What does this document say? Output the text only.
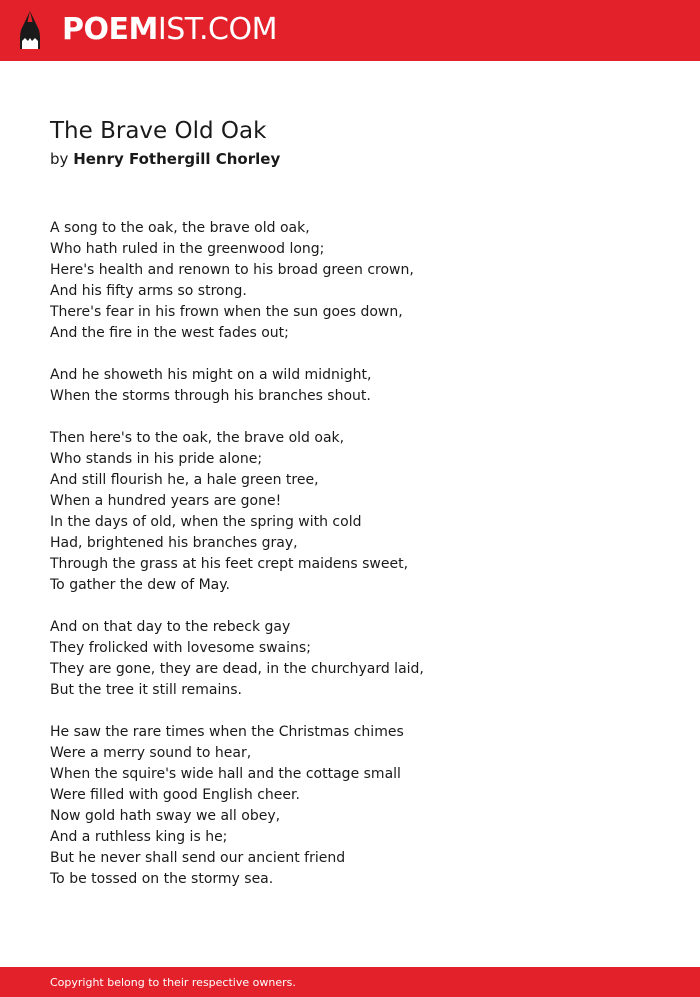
POEMIST.COM
The Brave Old Oak
by Henry Fothergill Chorley
A song to the oak, the brave old oak,
Who hath ruled in the greenwood long;
Here's health and renown to his broad green crown,
And his fifty arms so strong.
There's fear in his frown when the sun goes down,
And the fire in the west fades out;
And he showeth his might on a wild midnight,
When the storms through his branches shout.
Then here's to the oak, the brave old oak,
Who stands in his pride alone;
And still flourish he, a hale green tree,
When a hundred years are gone!
In the days of old, when the spring with cold
Had, brightened his branches gray,
Through the grass at his feet crept maidens sweet,
To gather the dew of May.
And on that day to the rebeck gay
They frolicked with lovesome swains;
They are gone, they are dead, in the churchyard laid,
But the tree it still remains.
He saw the rare times when the Christmas chimes
Were a merry sound to hear,
When the squire's wide hall and the cottage small
Were filled with good English cheer.
Now gold hath sway we all obey,
And a ruthless king is he;
But he never shall send our ancient friend
To be tossed on the stormy sea.
Copyright belong to their respective owners.
